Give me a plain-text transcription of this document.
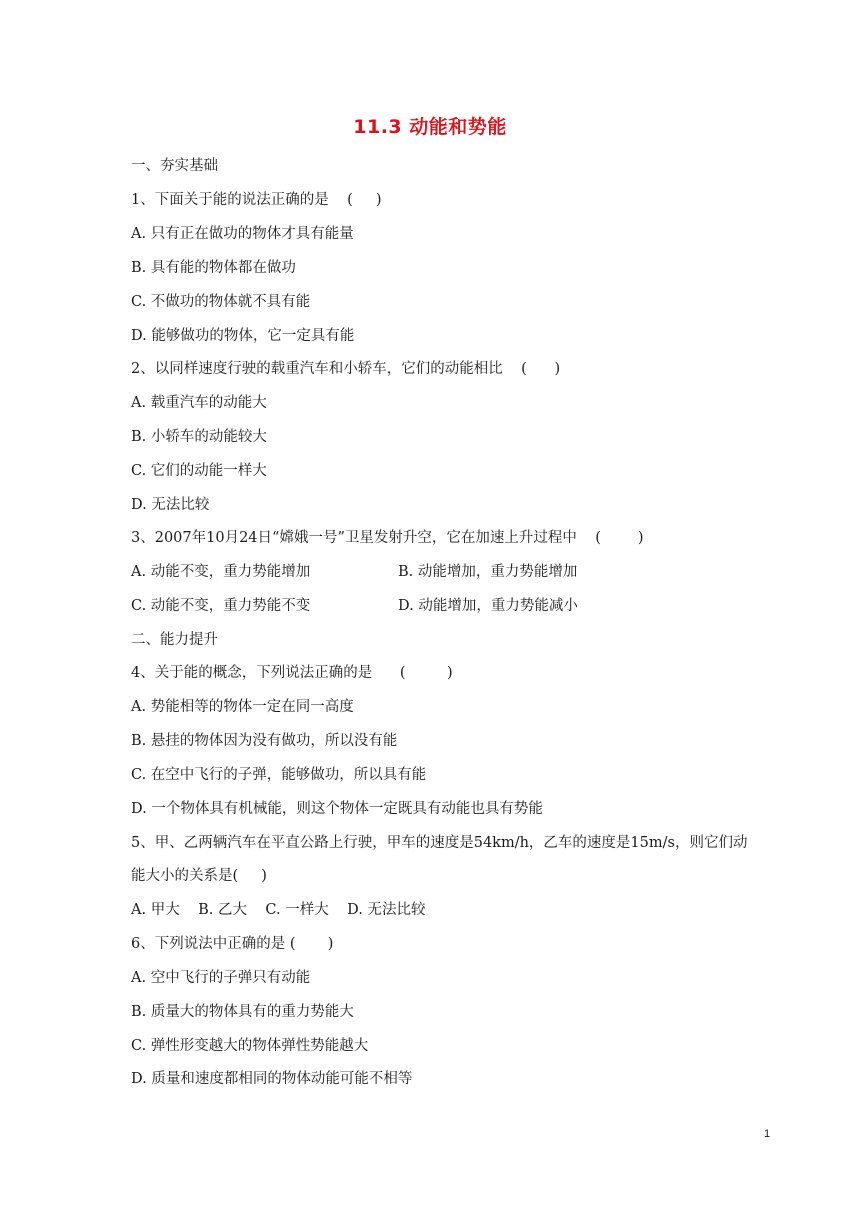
11.3 动能和势能
一、夯实基础
1、下面关于能的说法正确的是    (     )
A. 只有正在做功的物体才具有能量
B. 具有能的物体都在做功
C. 不做功的物体就不具有能
D. 能够做功的物体，它一定具有能
2、以同样速度行驶的载重汽车和小轿车，它们的动能相比    (      )
A. 载重汽车的动能大
B. 小轿车的动能较大
C. 它们的动能一样大
D. 无法比较
3、2007年10月24日“嫦娥一号”卫星发射升空，它在加速上升过程中    (        )
A. 动能不变，重力势能增加	B. 动能增加，重力势能增加
C. 动能不变，重力势能不变	D. 动能增加，重力势能减小
二、能力提升
4、关于能的概念，下列说法正确的是      (         )
A. 势能相等的物体一定在同一高度
B. 悬挂的物体因为没有做功，所以没有能
C. 在空中飞行的子弹，能够做功，所以具有能
D. 一个物体具有机械能，则这个物体一定既具有动能也具有势能
5、甲、乙两辆汽车在平直公路上行驶，甲车的速度是54km/h，乙车的速度是15m/s，则它们动
能大小的关系是(     )
A. 甲大    B. 乙大    C. 一样大    D. 无法比较
6、下列说法中正确的是 (       )
A. 空中飞行的子弹只有动能
B. 质量大的物体具有的重力势能大
C. 弹性形变越大的物体弹性势能越大
D. 质量和速度都相同的物体动能可能不相等
1
